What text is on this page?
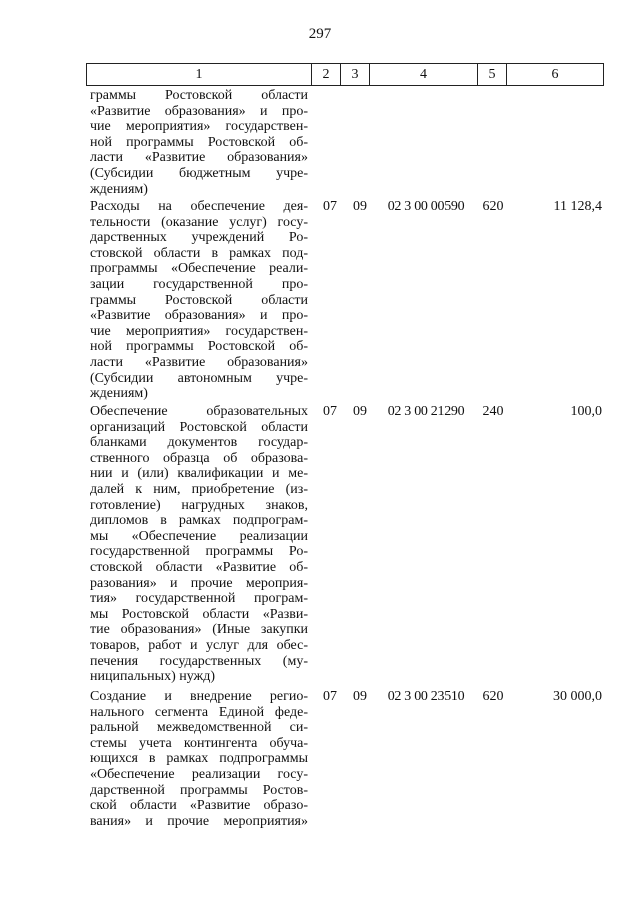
297
1	2	3	4	5	6
граммы Ростовской области
«Развитие образования» и про-
чие мероприятия» государствен-
ной программы Ростовской об-
ласти «Развитие образования»
(Субсидии бюджетным учре-
ждениям)
Расходы на обеспечение дея-
тельности (оказание услуг) госу-
дарственных учреждений Ро-
стовской области в рамках под-
программы «Обеспечение реали-
зации государственной про-
граммы Ростовской области
«Развитие образования» и про-
чие мероприятия» государствен-
ной программы Ростовской об-
ласти «Развитие образования»
(Субсидии автономным учре-
ждениям)
07	09	02 3 00 00590	620	11 128,4
Обеспечение образовательных
организаций Ростовской области
бланками документов государ-
ственного образца об образова-
нии и (или) квалификации и ме-
далей к ним, приобретение (из-
готовление) нагрудных знаков,
дипломов в рамках подпрограм-
мы «Обеспечение реализации
государственной программы Ро-
стовской области «Развитие об-
разования» и прочие мероприя-
тия» государственной програм-
мы Ростовской области «Разви-
тие образования» (Иные закупки
товаров, работ и услуг для обес-
печения государственных (му-
ниципальных) нужд)
07	09	02 3 00 21290	240	100,0
Создание и внедрение регио-
нального сегмента Единой феде-
ральной межведомственной си-
стемы учета контингента обуча-
ющихся в рамках подпрограммы
«Обеспечение реализации госу-
дарственной программы Ростов-
ской области «Развитие образо-
вания» и прочие мероприятия»
07	09	02 3 00 23510	620	30 000,0
